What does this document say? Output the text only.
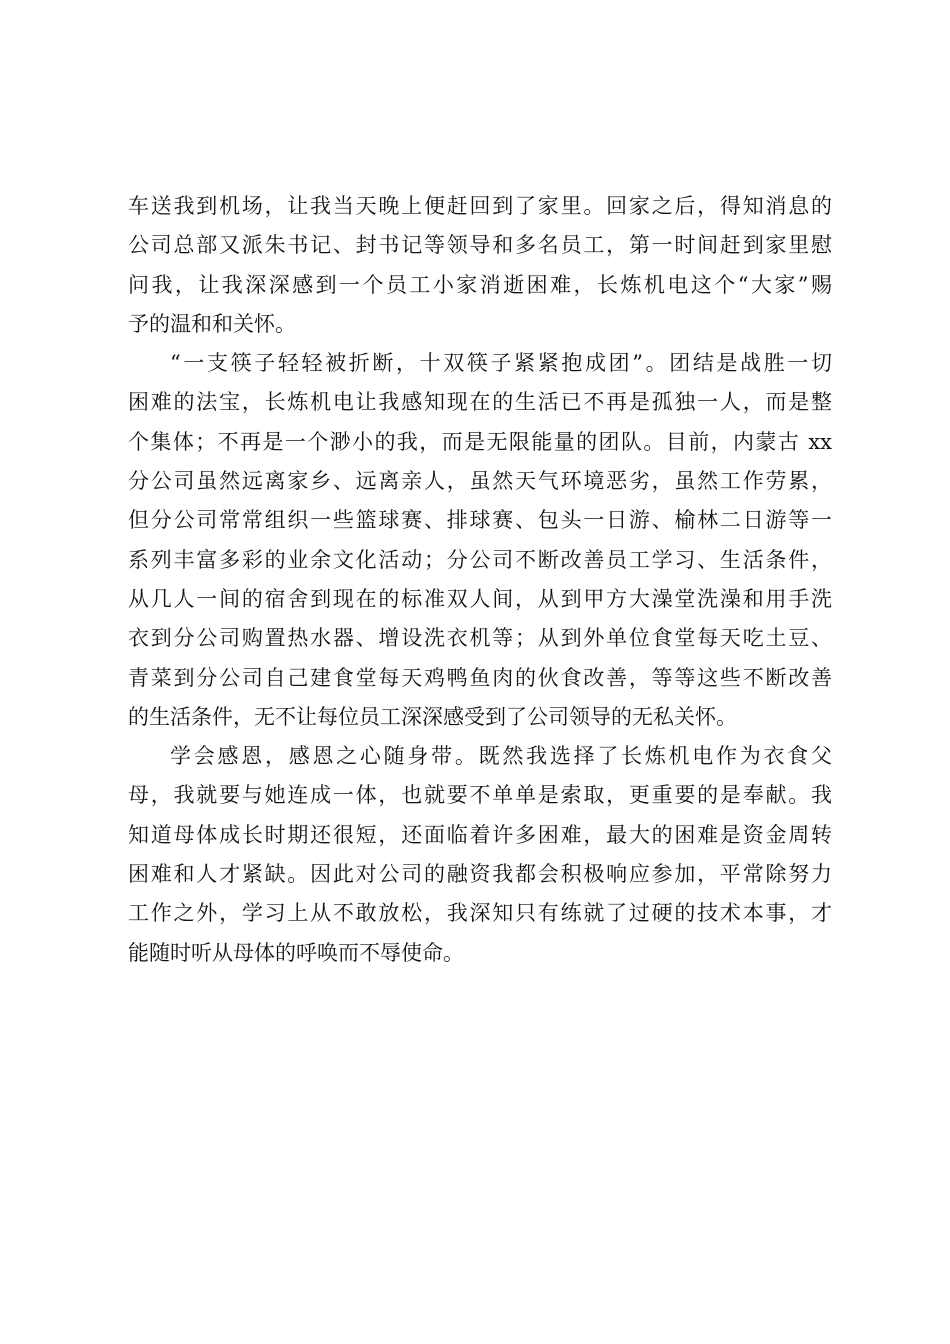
车送我到机场，让我当天晚上便赶回到了家里。回家之后，得知消息的
公司总部又派朱书记、封书记等领导和多名员工，第一时间赶到家里慰
问我，让我深深感到一个员工小家消逝困难，长炼机电这个“大家”赐
予的温和和关怀。
“一支筷子轻轻被折断，十双筷子紧紧抱成团”。团结是战胜一切
困难的法宝，长炼机电让我感知现在的生活已不再是孤独一人，而是整
个集体；不再是一个渺小的我，而是无限能量的团队。目前，内蒙古 xx
分公司虽然远离家乡、远离亲人，虽然天气环境恶劣，虽然工作劳累，
但分公司常常组织一些篮球赛、排球赛、包头一日游、榆林二日游等一
系列丰富多彩的业余文化活动；分公司不断改善员工学习、生活条件，
从几人一间的宿舍到现在的标准双人间，从到甲方大澡堂洗澡和用手洗
衣到分公司购置热水器、增设洗衣机等；从到外单位食堂每天吃土豆、
青菜到分公司自己建食堂每天鸡鸭鱼肉的伙食改善，等等这些不断改善
的生活条件，无不让每位员工深深感受到了公司领导的无私关怀。
学会感恩，感恩之心随身带。既然我选择了长炼机电作为衣食父
母，我就要与她连成一体，也就要不单单是索取，更重要的是奉献。我
知道母体成长时期还很短，还面临着许多困难，最大的困难是资金周转
困难和人才紧缺。因此对公司的融资我都会积极响应参加，平常除努力
工作之外，学习上从不敢放松，我深知只有练就了过硬的技术本事，才
能随时听从母体的呼唤而不辱使命。
